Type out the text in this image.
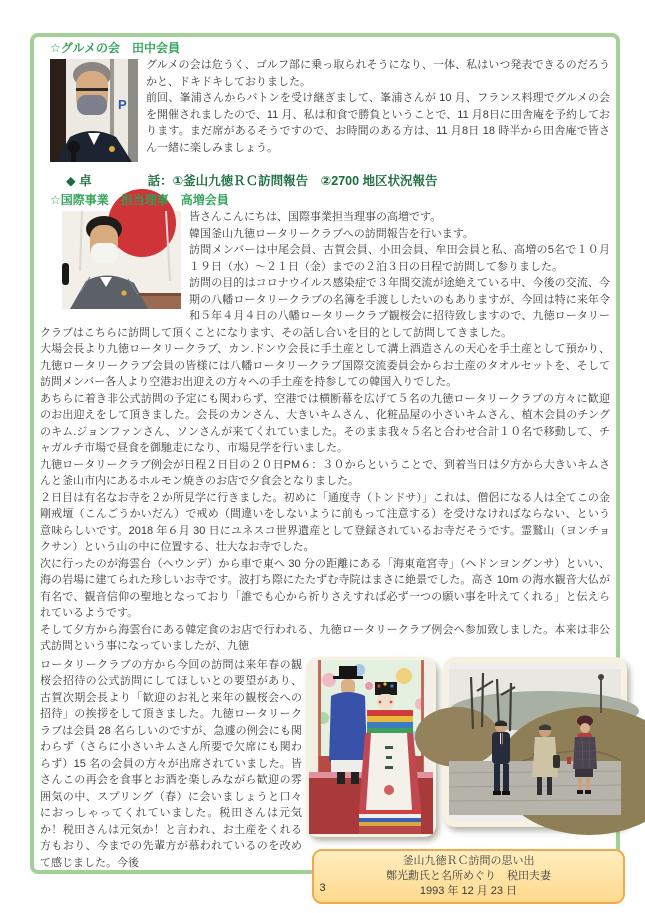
☆グルメの会　田中会員
P

グルメの会は危うく、ゴルフ部に乗っ取られそうになり、一体、私はいつ発表できるのだろうかと、ドキドキしておりました。

前回、峯浦さんからバトンを受け継ぎまして、峯浦さんが 10 月、フランス料理でグルメの会を開催されましたので、11 月、私は和食で勝負ということで、11 月8日に田舎庵を予約しております。まだ席があるそうですので、お時間のある方は、11 月8日 18 時半から田舎庵で皆さん一緒に楽しみましょう。

◆ 卓	話：①釜山九徳ＲＣ訪問報告　②2700 地区状況報告
☆国際事業　担当理事　高増会員

皆さんこんにちは、国際事業担当理事の高増です。

韓国釜山九徳ロータリークラブへの訪問報告を行います。

訪問メンバーは中尾会員、古賀会員、小田会員、牟田会員と私、高増の5名で１０月１９日（水）～２１日（金）までの２泊３日の日程で訪問して参りました。

訪問の目的はコロナウイルス感染症で３年間交流が途絶えている中、今後の交流、今期の八幡ロータリークラブの名簿を手渡ししたいのもありますが、今回は特に来年令和５年４月４日の八幡ロータリークラブ観桜会に招待致しますので、九徳ロータリークラブはこちらに訪問して頂くことになります、その話し合いを目的として訪問してきました。

大場会長より九徳ロータリークラブ、カン.ドンウ会長に手土産として溝上酒造さんの天心を手土産として預かり、九徳ロータリークラブ会員の皆様には八幡ロータリークラブ国際交流委員会からお土産のタオルセットを、そして訪問メンバー各人より空港お出迎えの方々への手土産を持参しての韓国入りでした。

あちらに着き非公式訪問の予定にも関わらず、空港では横断幕を広げて５名の九徳ロータリークラブの方々に歓迎のお出迎えをして頂きました。会長のカンさん、大きいキムさん、化粧品屋の小さいキムさん、植木会員のチングのキム.ジョンファンさん、ソンさんが来てくれていました。そのまま我々５名と合わせ合計１０名で移動して、チャガルチ市場で昼食を御馳走になり、市場見学を行いました。

九徳ロータリークラブ例会が日程２日目の２０日PM６：３０からということで、到着当日は夕方から大きいキムさんと釜山市内にあるホルモン焼きのお店で夕食会となりました。

２日目は有名なお寺を２か所見学に行きました。初めに「通度寺（トンドサ）」これは、僧侶になる人は全てこの金剛戒壇（こんごうかいだん）で戒め（間違いをしないように前もって注意する）を受けなければならない、という意味らしいです。2018 年６月 30 日にユネスコ世界遺産として登録されているお寺だそうです。霊鷲山（ヨンチョクサン）という山の中に位置する、壮大なお寺でした。

次に行ったのが海雲台（ヘウンデ）から車で東へ 30 分の距離にある「海東竜宮寺」（ヘドンヨングンサ）といい、海の岩場に建てられた珍しいお寺です。波打ち際にたたずむ寺院はまさに絶景でした。高さ 10m の海水観音大仏が有名で、観音信仰の聖地となっており「誰でも心から祈りさえすれば必ず一つの願い事を叶えてくれる」と伝えられているようです。

そして夕方から海雲台にある韓定食のお店で行われる、九徳ロータリークラブ例会へ参加致しました。本来は非公式訪問という事になっていましたが、九徳

ロータリークラブの方から今回の訪問は来年春の観桜会招待の公式訪問にしてほしいとの要望があり、古賀次期会長より「歓迎のお礼と来年の観桜会への招待」の挨拶をして頂きました。九徳ロータリークラブは会員 28 名らしいのですが、急遽の例会にも関わらず（さらに小さいキムさん所要で欠席にも関わらず）15 名の会員の方々が出席されていました。皆さんこの再会を食事とお酒を楽しみながら歓迎の雰囲気の中、スプリング（春）に会いましょうと口々におっしゃってくれていました。税田さんは元気か！税田さんは元気か！と言われ、お土産をくれる方もおり、今までの先輩方が慕われているのを改めて感じました。今後	釜山九徳ＲＣ訪問の思い出
鄭光勳氏と名所めぐり　税田夫妻
1993 年 12 月 23 日
3
